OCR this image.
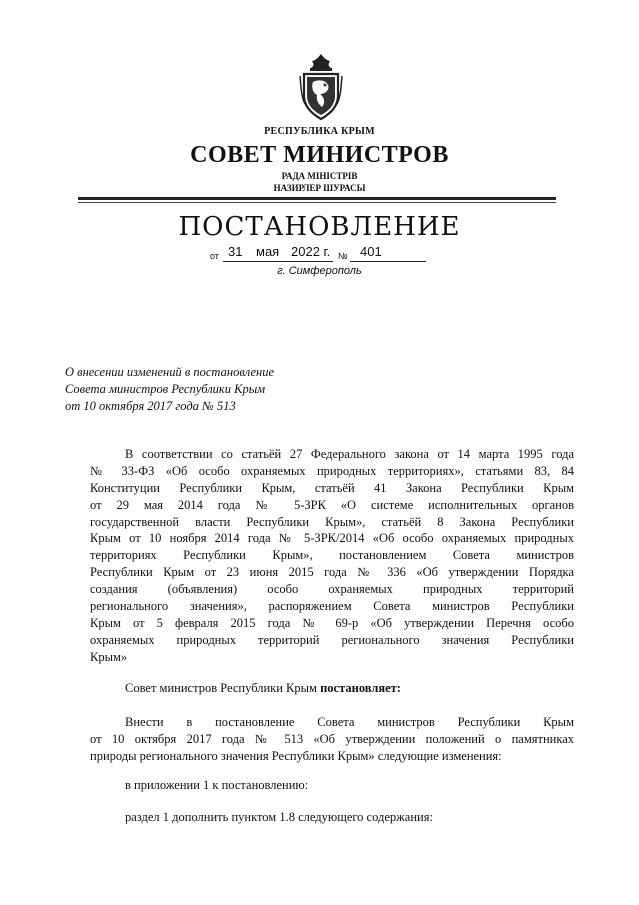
РЕСПУБЛИКА КРЫМ
СОВЕТ МИНИСТРОВ
РАДА МІНІСТРІВ
НАЗИРЛЕР ШУРАСЫ
ПОСТАНОВЛЕНИЕ
от 31 мая 2022 г. № 401
г. Симферополь
О внесении изменений в постановление
Совета министров Республики Крым
от 10 октября 2017 года № 513
В соответствии со статьёй 27 Федерального закона от 14 марта 1995 года
№ 33-ФЗ «Об особо охраняемых природных территориях», статьями 83, 84
Конституции Республики Крым, статьёй 41 Закона Республики Крым
от 29 мая 2014 года № 5-ЗРК «О системе исполнительных органов
государственной власти Республики Крым», статьёй 8 Закона Республики
Крым от 10 ноября 2014 года № 5-ЗРК/2014 «Об особо охраняемых природных
территориях Республики Крым», постановлением Совета министров
Республики Крым от 23 июня 2015 года № 336 «Об утверждении Порядка
создания (объявления) особо охраняемых природных территорий
регионального значения», распоряжением Совета министров Республики
Крым от 5 февраля 2015 года № 69-р «Об утверждении Перечня особо
охраняемых природных территорий регионального значения Республики
Крым»
Совет министров Республики Крым постановляет:
Внести в постановление Совета министров Республики Крым
от 10 октября 2017 года № 513 «Об утверждении положений о памятниках
природы регионального значения Республики Крым» следующие изменения:
в приложении 1 к постановлению:
раздел 1 дополнить пунктом 1.8 следующего содержания:
